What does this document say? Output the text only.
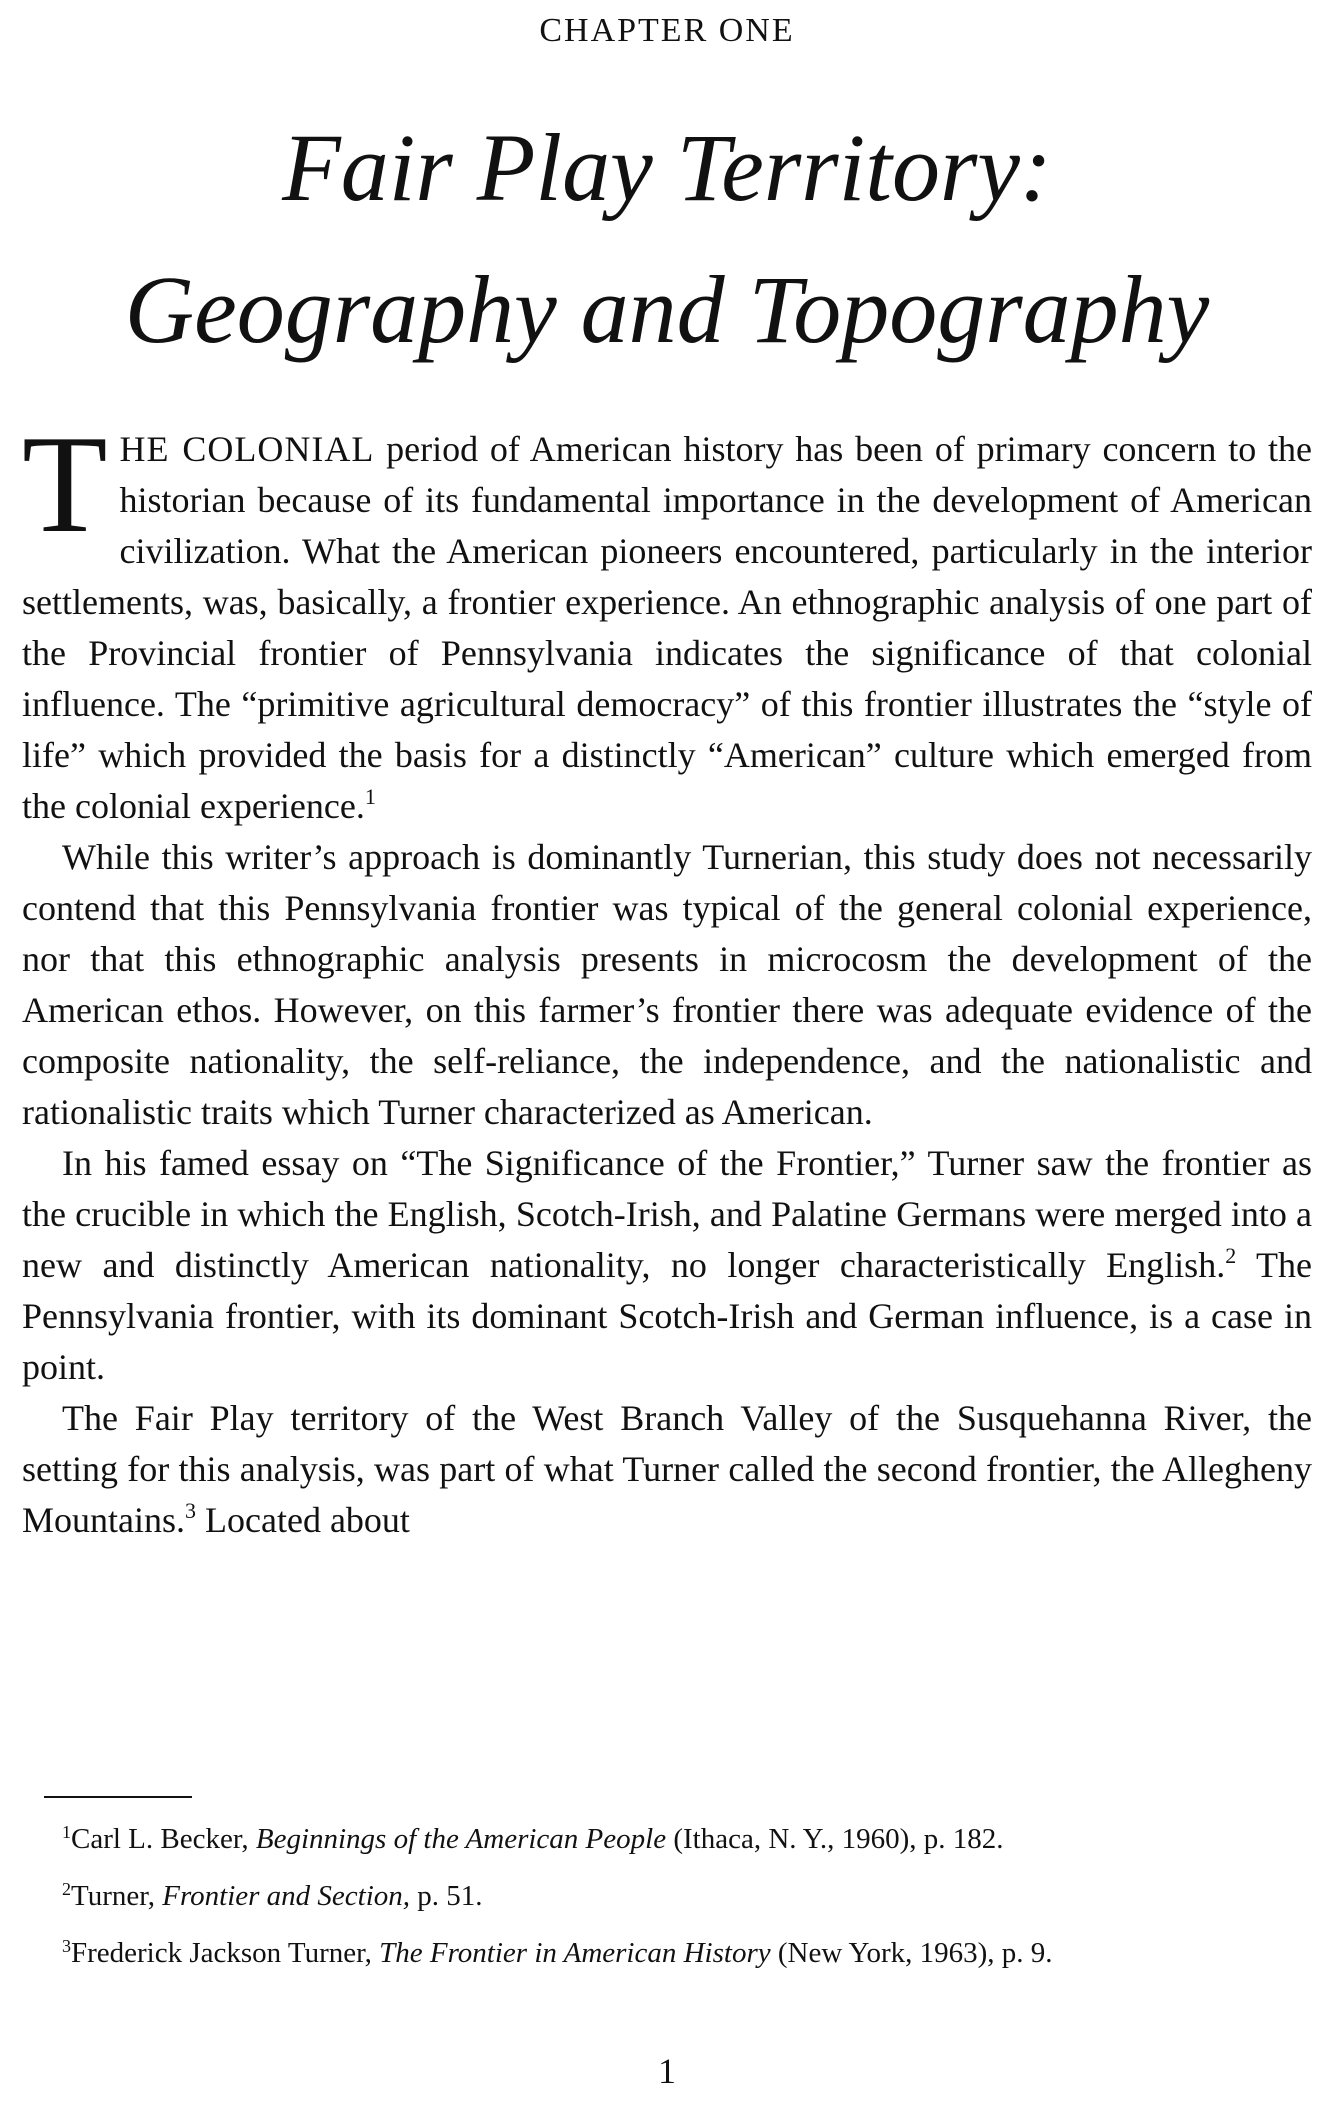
CHAPTER ONE
Fair Play Territory:
Geography and Topography

THE COLONIAL period of American history has been of primary concern to the historian because of its fundamental importance in the development of American civilization. What the American pioneers encountered, particularly in the interior settlements, was, basically, a frontier experience. An ethnographic analysis of one part of the Provincial frontier of Pennsylvania indicates the significance of that colonial influence. The “primitive agricultural democracy” of this frontier illustrates the “style of life” which provided the basis for a distinctly “American” culture which emerged from the colonial experience.$^1$

While this writer’s approach is dominantly Turnerian, this study does not necessarily contend that this Pennsylvania frontier was typical of the general colonial experience, nor that this ethnographic analysis presents in microcosm the development of the American ethos. However, on this farmer’s frontier there was adequate evidence of the composite nationality, the self-reliance, the independence, and the nationalistic and rationalistic traits which Turner characterized as American.

In his famed essay on “The Significance of the Frontier,” Turner saw the frontier as the crucible in which the English, Scotch-Irish, and Palatine Germans were merged into a new and distinctly American nationality, no longer characteristically English.$^2$ The Pennsylvania frontier, with its dominant Scotch-Irish and German influence, is a case in point.

The Fair Play territory of the West Branch Valley of the Susquehanna River, the setting for this analysis, was part of what Turner called the second frontier, the Allegheny Mountains.$^3$ Located about

$^1$Carl L. Becker, Beginnings of the American People (Ithaca, N. Y., 1960), p. 182.

$^2$Turner, Frontier and Section, p. 51.

$^3$Frederick Jackson Turner, The Frontier in American History (New York, 1963), p. 9.

1
